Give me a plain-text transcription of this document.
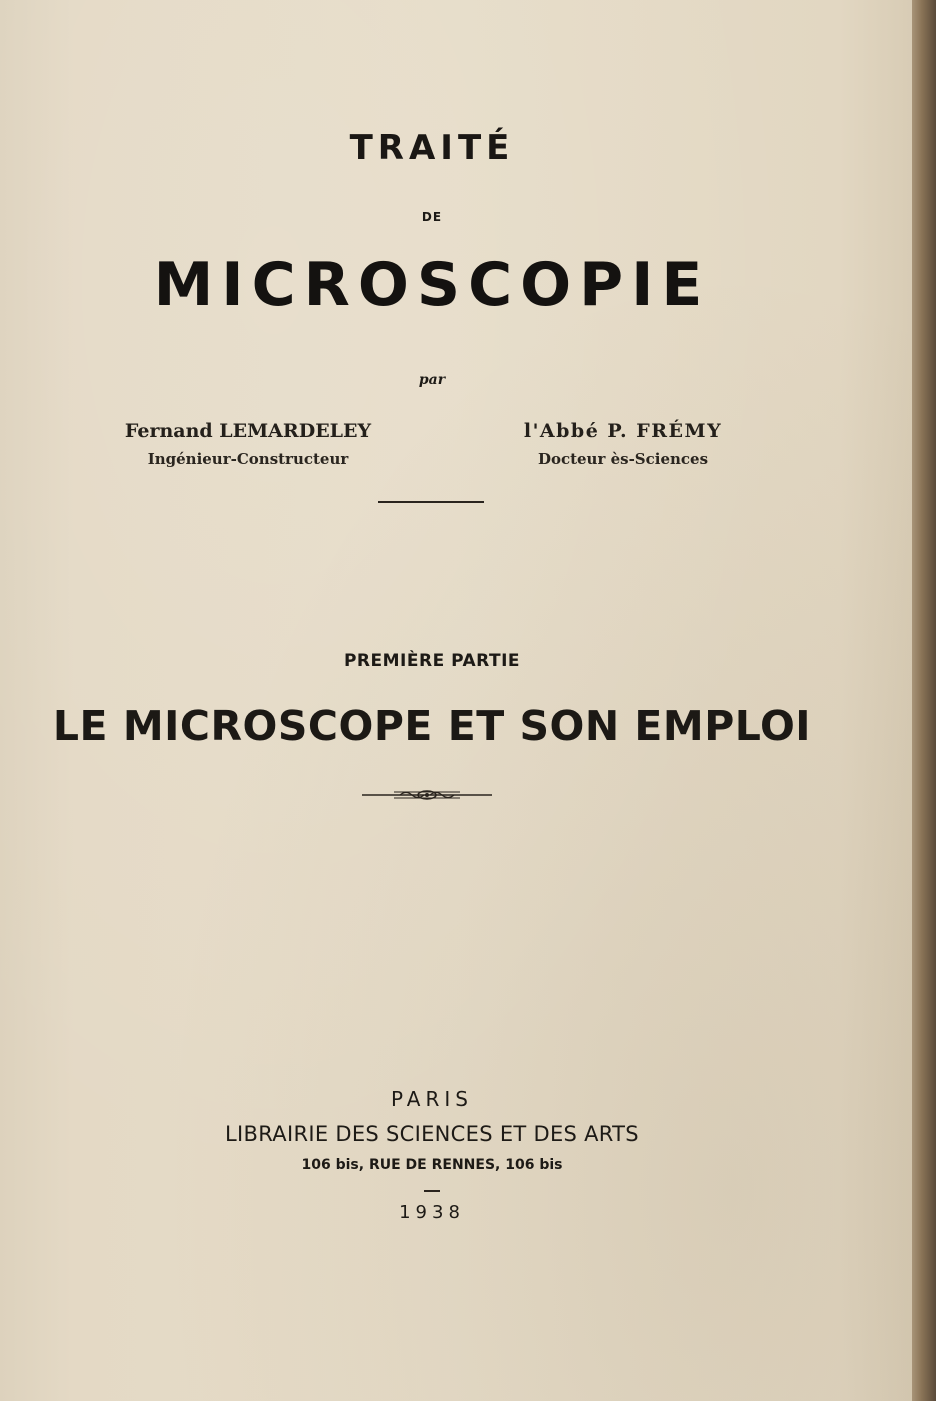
TRAITÉ
DE
MICROSCOPIE
par
Fernand LEMARDELEY
Ingénieur-Constructeur
l'Abbé P. FRÉMY
Docteur ès-Sciences
PREMIÈRE PARTIE
LE MICROSCOPE ET SON EMPLOI
PARIS
LIBRAIRIE DES SCIENCES ET DES ARTS
106 bis, RUE DE RENNES, 106 bis
1938
